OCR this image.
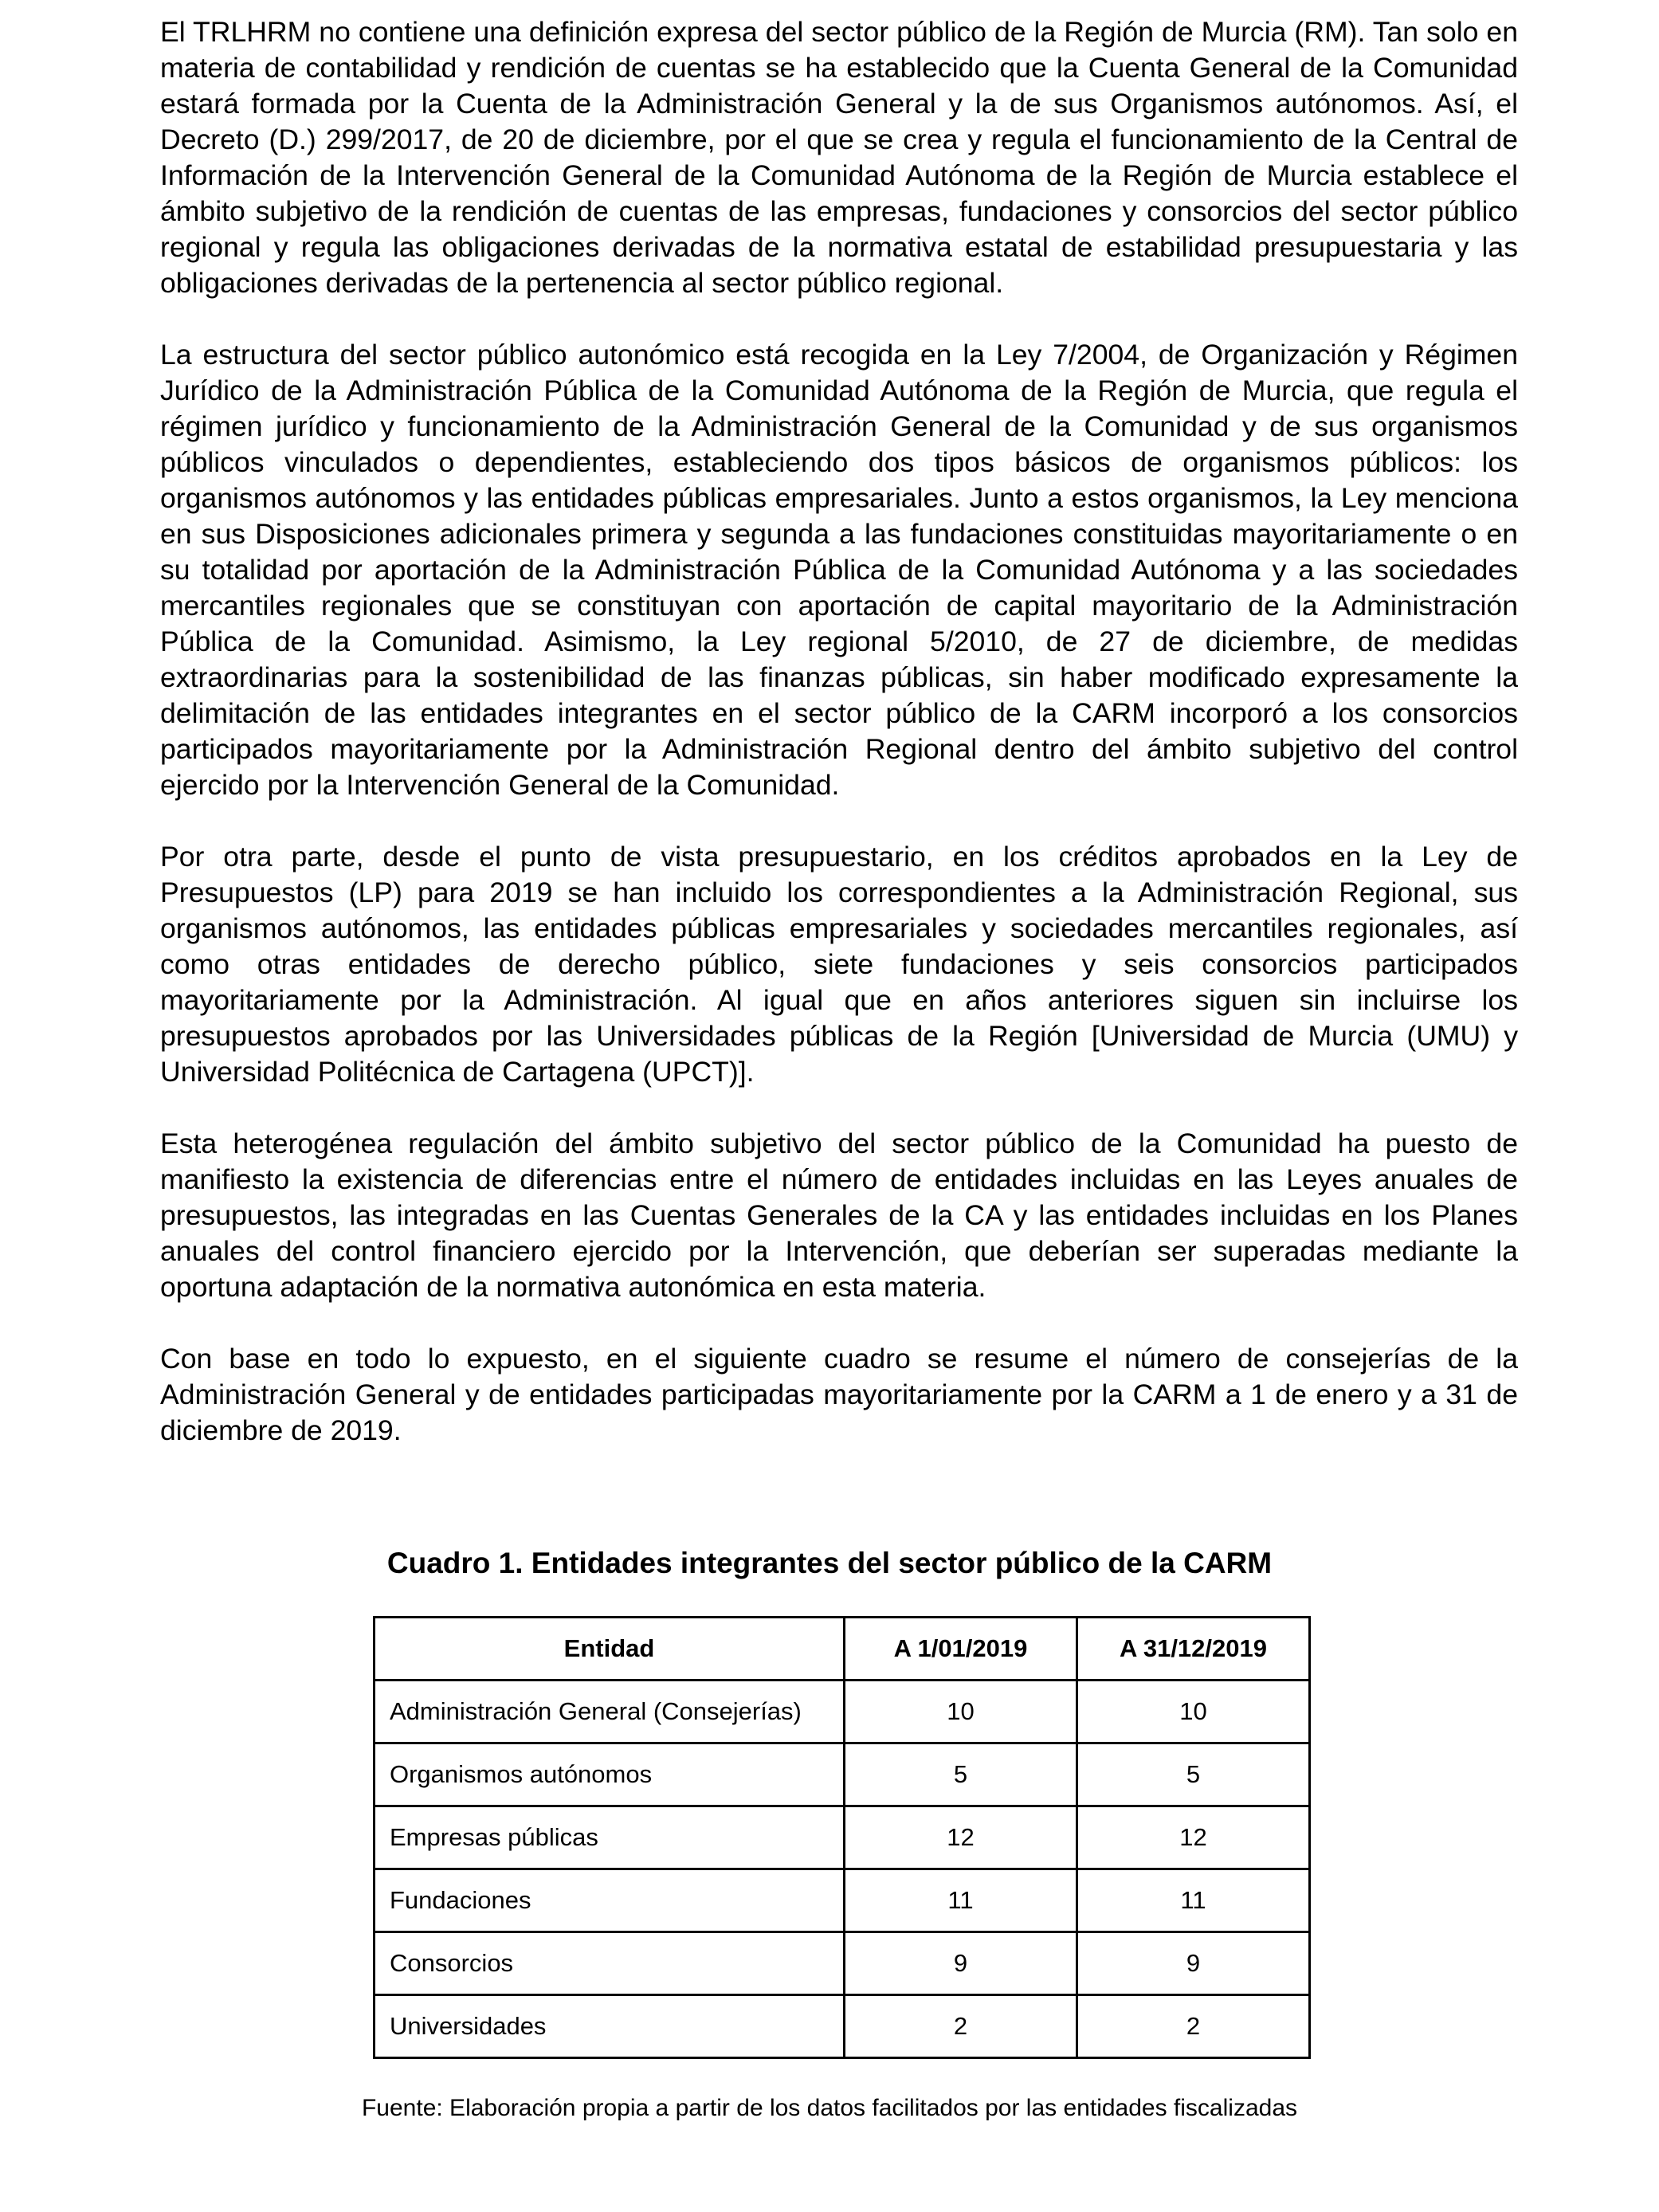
El TRLHRM no contiene una definición expresa del sector público de la Región de Murcia (RM). Tan solo en materia de contabilidad y rendición de cuentas se ha establecido que la Cuenta General de la Comunidad estará formada por la Cuenta de la Administración General y la de sus Organismos autónomos. Así, el Decreto (D.) 299/2017, de 20 de diciembre, por el que se crea y regula el funcionamiento de la Central de Información de la Intervención General de la Comunidad Autónoma de la Región de Murcia establece el ámbito subjetivo de la rendición de cuentas de las empresas, fundaciones y consorcios del sector público regional y regula las obligaciones derivadas de la normativa estatal de estabilidad presupuestaria y las obligaciones derivadas de la pertenencia al sector público regional.

La estructura del sector público autonómico está recogida en la Ley 7/2004, de Organización y Régimen Jurídico de la Administración Pública de la Comunidad Autónoma de la Región de Murcia, que regula el régimen jurídico y funcionamiento de la Administración General de la Comunidad y de sus organismos públicos vinculados o dependientes, estableciendo dos tipos básicos de organismos públicos: los organismos autónomos y las entidades públicas empresariales. Junto a estos organismos, la Ley menciona en sus Disposiciones adicionales primera y segunda a las fundaciones constituidas mayoritariamente o en su totalidad por aportación de la Administración Pública de la Comunidad Autónoma y a las sociedades mercantiles regionales que se constituyan con aportación de capital mayoritario de la Administración Pública de la Comunidad. Asimismo, la Ley regional 5/2010, de 27 de diciembre, de medidas extraordinarias para la sostenibilidad de las finanzas públicas, sin haber modificado expresamente la delimitación de las entidades integrantes en el sector público de la CARM incorporó a los consorcios participados mayoritariamente por la Administración Regional dentro del ámbito subjetivo del control ejercido por la Intervención General de la Comunidad.

Por otra parte, desde el punto de vista presupuestario, en los créditos aprobados en la Ley de Presupuestos (LP) para 2019 se han incluido los correspondientes a la Administración Regional, sus organismos autónomos, las entidades públicas empresariales y sociedades mercantiles regionales, así como otras entidades de derecho público, siete fundaciones y seis consorcios participados mayoritariamente por la Administración. Al igual que en años anteriores siguen sin incluirse los presupuestos aprobados por las Universidades públicas de la Región [Universidad de Murcia (UMU) y Universidad Politécnica de Cartagena (UPCT)].

Esta heterogénea regulación del ámbito subjetivo del sector público de la Comunidad ha puesto de manifiesto la existencia de diferencias entre el número de entidades incluidas en las Leyes anuales de presupuestos, las integradas en las Cuentas Generales de la CA y las entidades incluidas en los Planes anuales del control financiero ejercido por la Intervención, que deberían ser superadas mediante la oportuna adaptación de la normativa autonómica en esta materia.

Con base en todo lo expuesto, en el siguiente cuadro se resume el número de consejerías de la Administración General y de entidades participadas mayoritariamente por la CARM a 1 de enero y a 31 de diciembre de 2019.

Cuadro 1. Entidades integrantes del sector público de la CARM
Entidad	A 1/01/2019	A 31/12/2019
Administración General (Consejerías)	10	10
Organismos autónomos	5	5
Empresas públicas	12	12
Fundaciones	11	11
Consorcios	9	9
Universidades	2	2
Fuente: Elaboración propia a partir de los datos facilitados por las entidades fiscalizadas
